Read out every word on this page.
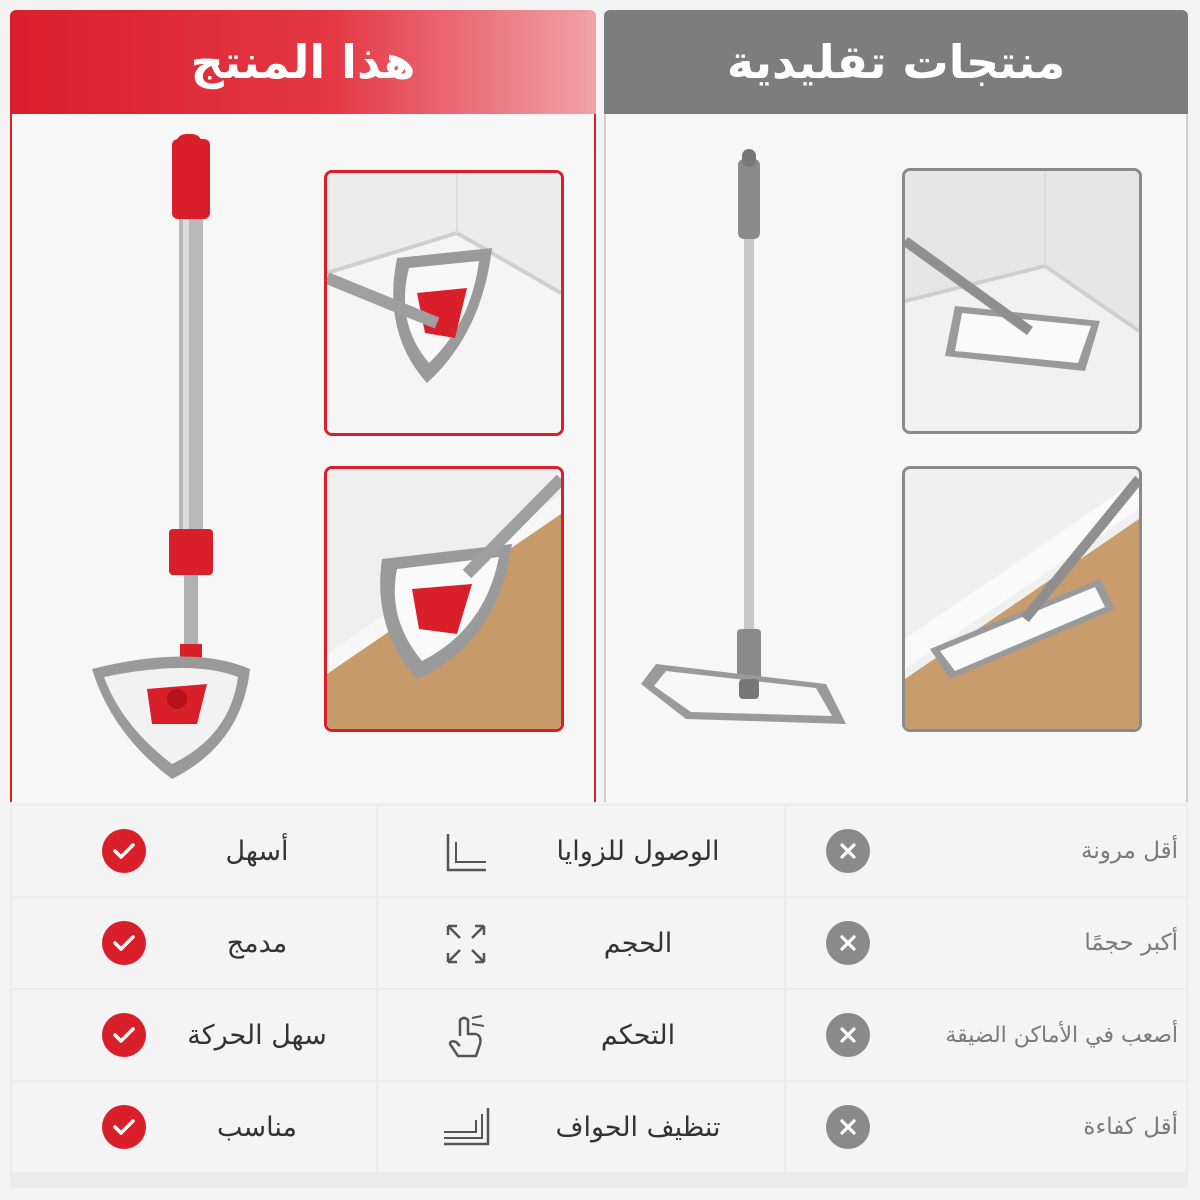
هذا المنتج	منتجات تقليدية
أسهل	الوصول للزوايا	أقل مرونة
مدمج	الحجم	أكبر حجمًا
سهل الحركة	التحكم	أصعب في الأماكن الضيقة
مناسب	تنظيف الحواف	أقل كفاءة
